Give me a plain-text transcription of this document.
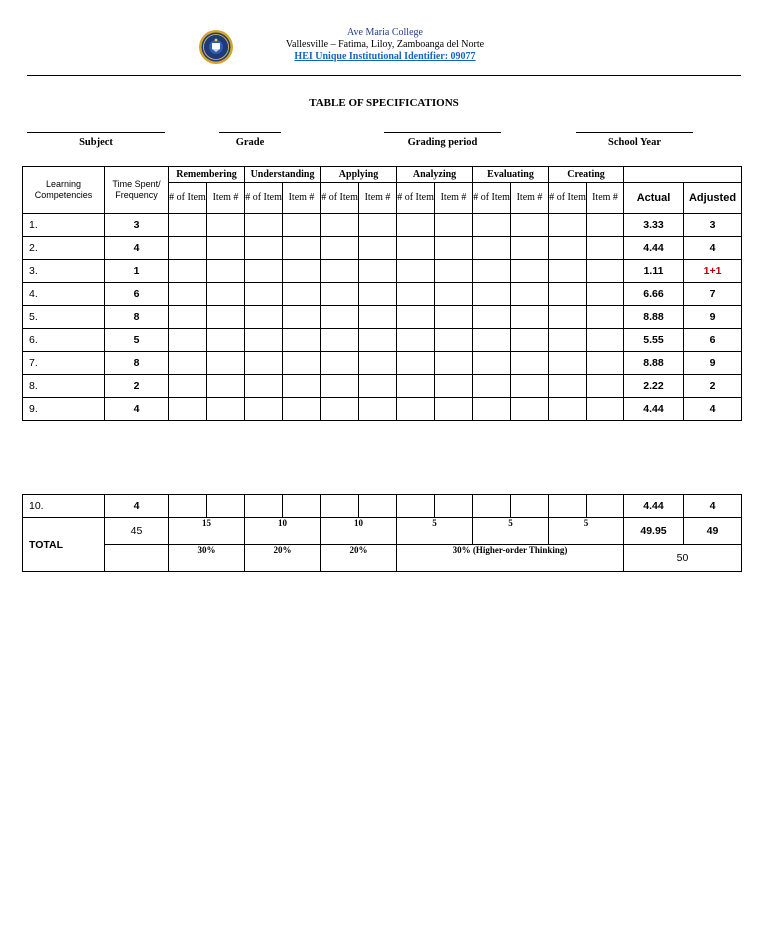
Ave Maria College
Vallesville – Fatima, Liloy, Zamboanga del Norte
HEI Unique Institutional Identifier: 09077
TABLE OF SPECIFICATIONS
Subject	Grade	Grading period	School Year
Learning Competencies	Time Spent/ Frequency	Remembering		Understanding		Applying		Analyzing		Evaluating		Creating			
		# of Item	Item #	# of Item	Item #	# of Item	Item #	# of Item	Item #	# of Item	Item #	# of Item	Item #	Actual	Adjusted
1.	3													3.33	3
2.	4													4.44	4
3.	1													1.11	1+1
4.	6													6.66	7
5.	8													8.88	9
6.	5													5.55	6
7.	8													8.88	9
8.	2													2.22	2
9.	4													4.44	4
10.	4													4.44	4
TOTAL	45	15		10		10		5		5		5		49.95	49
		30%		20%		20%		30% (Higher-order Thinking)						50	
